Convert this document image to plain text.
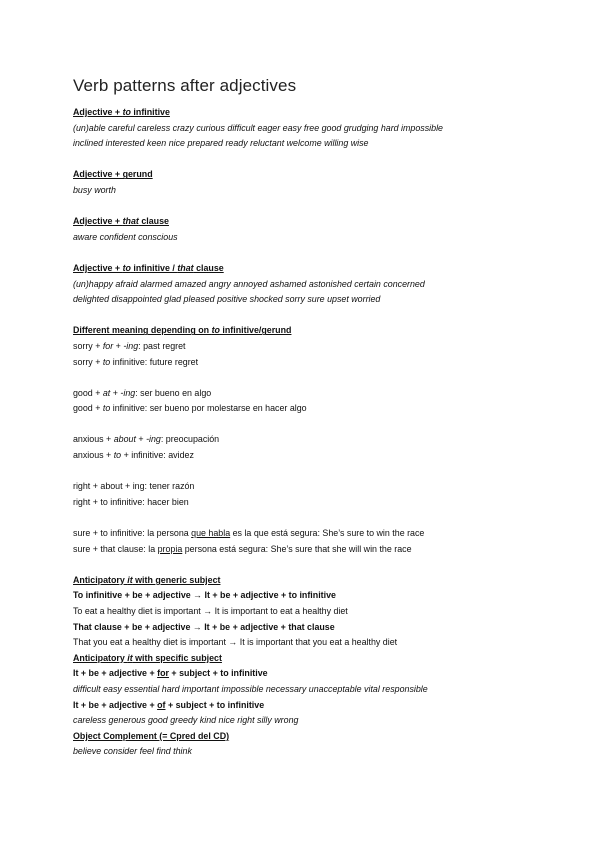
Verb patterns after adjectives
Adjective + to infinitive
(un)able careful careless crazy curious difficult eager easy free good grudging hard impossible
inclined interested keen nice prepared ready reluctant welcome willing wise
Adjective + gerund
busy worth
Adjective + that clause
aware confident conscious
Adjective + to infinitive / that clause
(un)happy afraid alarmed amazed angry annoyed ashamed astonished certain concerned
delighted disappointed glad pleased positive shocked sorry sure upset worried
Different meaning depending on to infinitive/gerund
sorry + for + -ing: past regret
sorry + to infinitive: future regret
good + at + -ing: ser bueno en algo
good + to infinitive: ser bueno por molestarse en hacer algo
anxious + about + -ing: preocupación
anxious + to + infinitive: avidez
right + about + ing: tener razón
right + to infinitive: hacer bien
sure + to infinitive: la persona que habla es la que está segura: She’s sure to win the race
sure + that clause: la propia persona está segura: She’s sure that she will win the race
Anticipatory it with generic subject
To infinitive + be + adjective → It + be + adjective + to infinitive
To eat a healthy diet is important → It is important to eat a healthy diet
That clause + be + adjective → It + be + adjective + that clause
That you eat a healthy diet is important → It is important that you eat a healthy diet
Anticipatory it with specific subject
It + be + adjective + for + subject + to infinitive
difficult easy essential hard important impossible necessary unacceptable vital responsible
It + be + adjective + of + subject + to infinitive
careless generous good greedy kind nice right silly wrong
Object Complement (= Cpred del CD)
believe consider feel find think
